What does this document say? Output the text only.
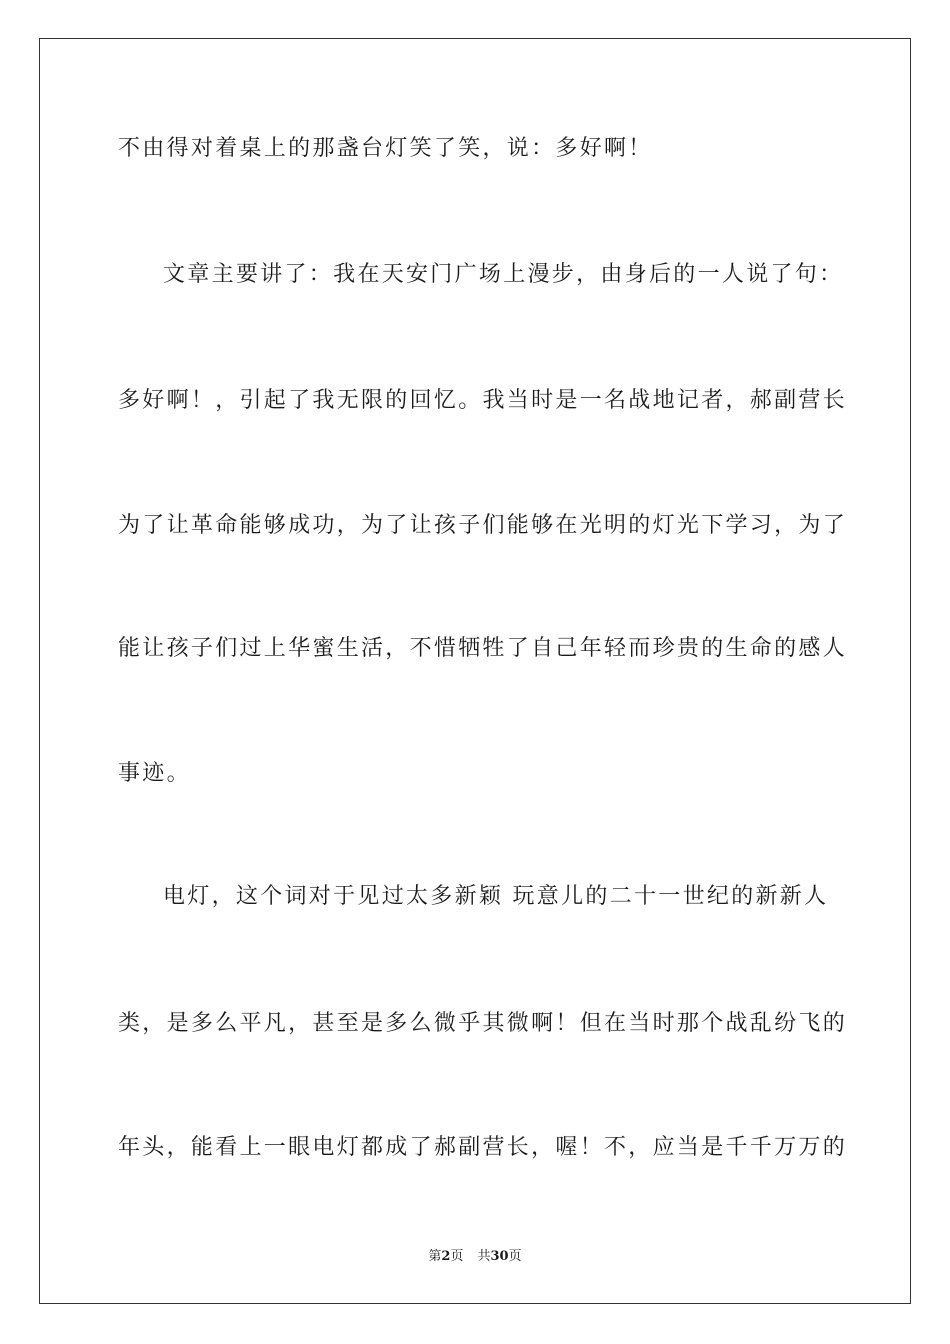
不由得对着桌上的那盏台灯笑了笑，说：多好啊！
文章主要讲了：我在天安门广场上漫步，由身后的一人说了句：
多好啊！，引起了我无限的回忆。我当时是一名战地记者，郝副营长
为了让革命能够成功，为了让孩子们能够在光明的灯光下学习，为了
能让孩子们过上华蜜生活，不惜牺牲了自己年轻而珍贵的生命的感人
事迹。
电灯，这个词对于见过太多新颖 玩意儿的二十一世纪的新新人
类，是多么平凡，甚至是多么微乎其微啊！但在当时那个战乱纷飞的
年头，能看上一眼电灯都成了郝副营长，喔！不，应当是千千万万的
第2页 共30页
